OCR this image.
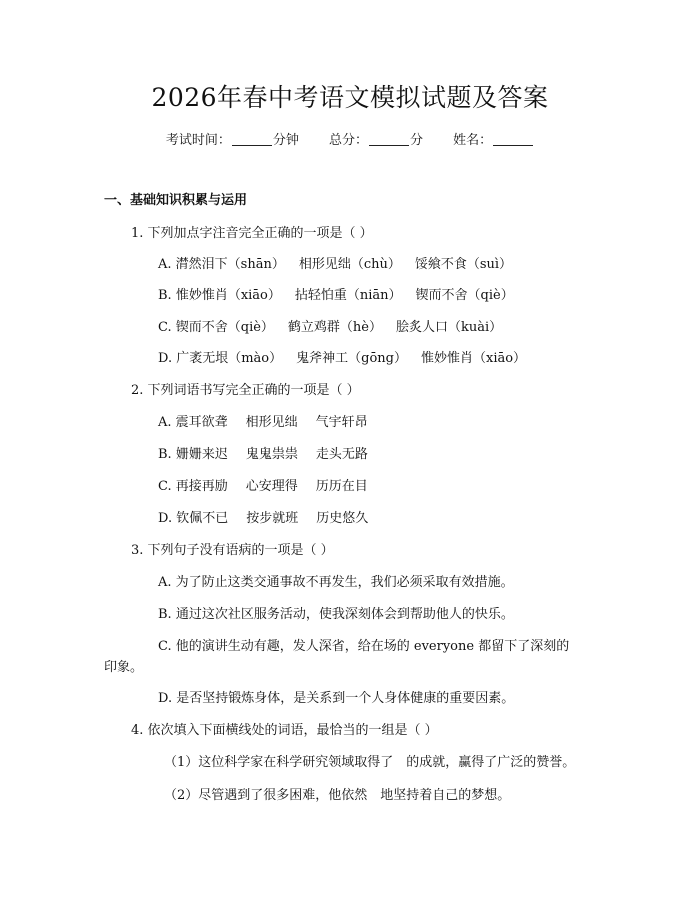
2026年春中考语文模拟试题及答案
考试时间：	分钟 总分：	分 姓名：
一、基础知识积累与运用
1. 下列加点字注音完全正确的一项是（ ）
A. 潸然泪下（shān） 相形见绌（chù） 馁飨不食（suì）
B. 惟妙惟肖（xiāo） 拈轻怕重（niān） 锲而不舍（qiè）
C. 锲而不舍（qiè） 鹤立鸡群（hè） 脍炙人口（kuài）
D. 广袤无垠（mào） 鬼斧神工（gōng） 惟妙惟肖（xiāo）
2. 下列词语书写完全正确的一项是（ ）
A. 震耳欲聋 相形见绌 气宇轩昂
B. 姗姗来迟 鬼鬼祟祟 走头无路
C. 再接再励 心安理得 历历在目
D. 钦佩不已 按步就班 历史悠久
3. 下列句子没有语病的一项是（ ）
A. 为了防止这类交通事故不再发生，我们必须采取有效措施。
B. 通过这次社区服务活动，使我深刻体会到帮助他人的快乐。
C. 他的演讲生动有趣，发人深省，给在场的 everyone 都留下了深刻的
印象。
D. 是否坚持锻炼身体，是关系到一个人身体健康的重要因素。
4. 依次填入下面横线处的词语，最恰当的一组是（ ）
（1）这位科学家在科学研究领域取得了　的成就，赢得了广泛的赞誉。
（2）尽管遇到了很多困难，他依然　地坚持着自己的梦想。
